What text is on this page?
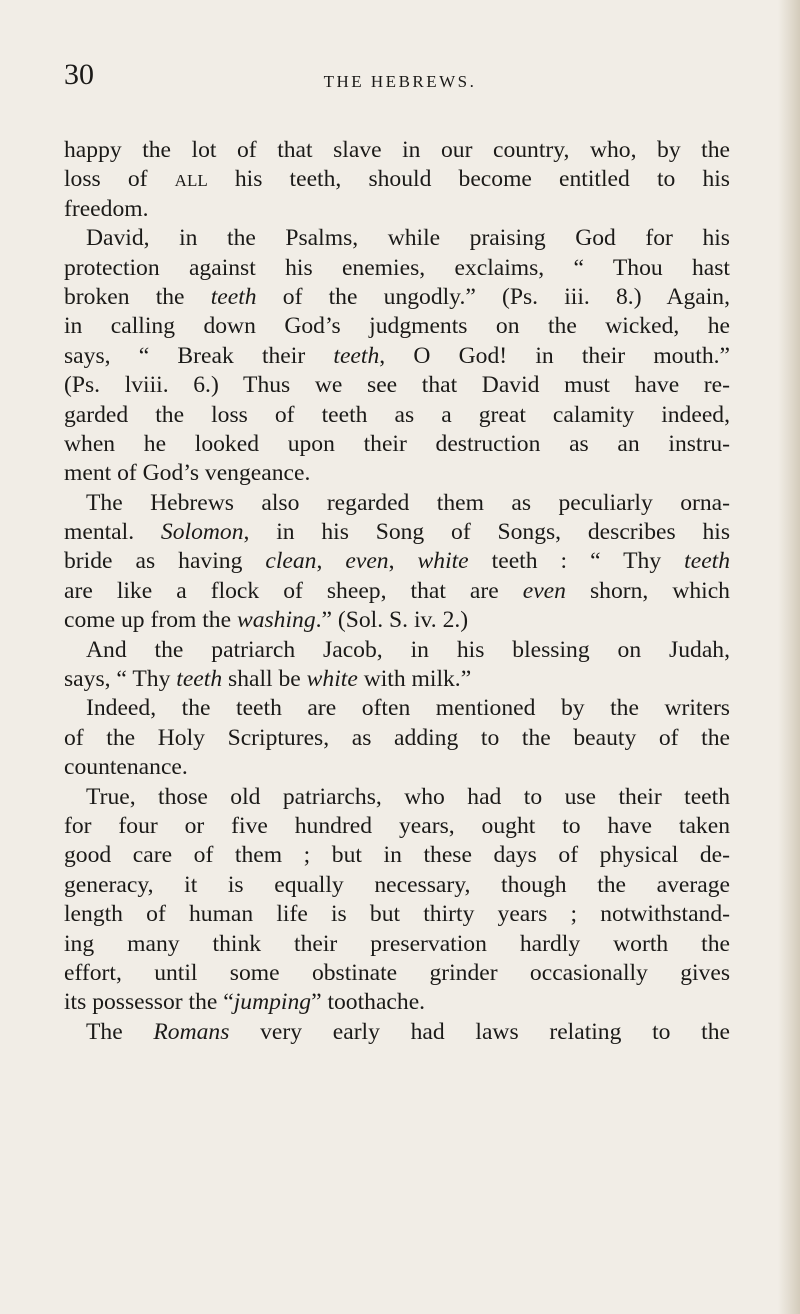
30	THE HEBREWS.
happy the lot of that slave in our country, who, by the
loss of all his teeth, should become entitled to his
freedom.
David, in the Psalms, while praising God for his
protection against his enemies, exclaims, “ Thou hast
broken the teeth of the ungodly.” (Ps. iii. 8.) Again,
in calling down God’s judgments on the wicked, he
says, “ Break their teeth, O God! in their mouth.”
(Ps. lviii. 6.) Thus we see that David must have re-
garded the loss of teeth as a great calamity indeed,
when he looked upon their destruction as an instru-
ment of God’s vengeance.
The Hebrews also regarded them as peculiarly orna-
mental. Solomon, in his Song of Songs, describes his
bride as having clean, even, white teeth : “ Thy teeth
are like a flock of sheep, that are even shorn, which
come up from the washing.” (Sol. S. iv. 2.)
And the patriarch Jacob, in his blessing on Judah,
says, “ Thy teeth shall be white with milk.”
Indeed, the teeth are often mentioned by the writers
of the Holy Scriptures, as adding to the beauty of the
countenance.
True, those old patriarchs, who had to use their teeth
for four or five hundred years, ought to have taken
good care of them ; but in these days of physical de-
generacy, it is equally necessary, though the average
length of human life is but thirty years ; notwithstand-
ing many think their preservation hardly worth the
effort, until some obstinate grinder occasionally gives
its possessor the “jumping” toothache.
The Romans very early had laws relating to the
